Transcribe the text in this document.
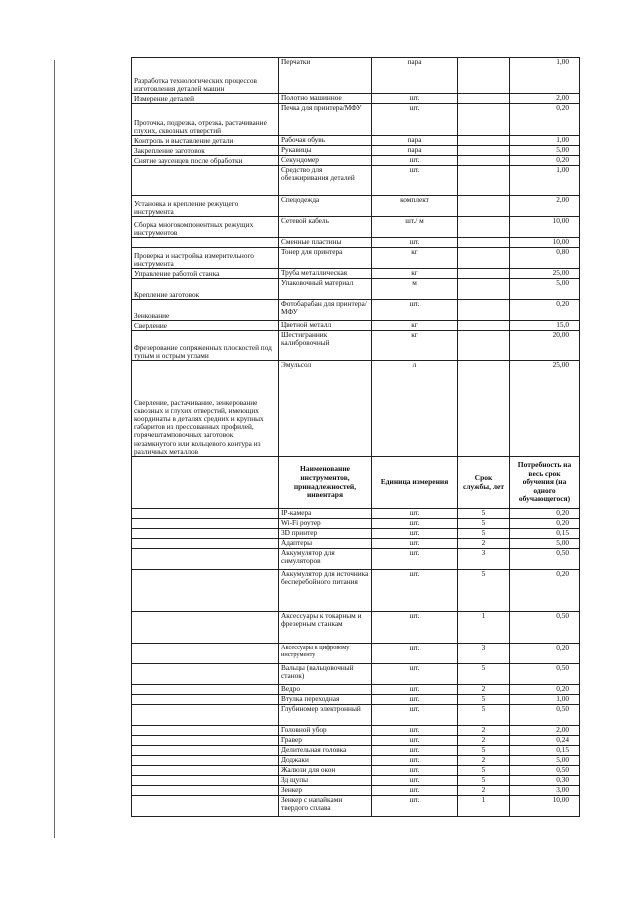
Разработка технологических процессов изготовления деталей машин	Перчатки	пара		1,00
Измерение деталей	Полотно машинное	шт.		2,00
Проточка, подрезка, отрезка, растачивание глухих, сквозных отверстий	Печка для принтера/МФУ	шт.		0,20
Контроль и выставление детали	Рабочая обувь	пара		1,00
Закрепление заготовок	Рукавицы	пара		5,00
Снятие заусенцев после обработки	Секундомер	шт.		0,20
	Средство для обезжиривания деталей	шт.		1,00
Установка и крепление режущего инструмента	Спецодежда	комплект		2,00
Сборка многокомпонентных режущих инструментов	Сетевой кабель	шт./ м		10,00
	Сменные пластины	шт.		10,00
Проверка и настройка измерительного инструмента	Тонер для принтера	кг		0,80
Управление работой станка	Труба металлическая	кг		25,00
Крепление заготовок	Упаковочный материал	м		5,00
Зенкование	Фотобарабан для принтера/МФУ	шт.		0,20
Сверление	Цветной металл	кг		15,0
Фрезерование сопряженных плоскостей под тупым и острым углами	Шестигранник калибровочный	кг		20,00
Сверление, растачивание, зенкерование сквозных и глухих отверстий, имеющих координаты в деталях средних и крупных габаритов из прессованных профилей, горячештамповочных заготовок незамкнутого или кольцевого контура из различных металлов	Эмульсол	л		25,00
	Наименование инструментов, принадлежностей, инвентаря	Единица измерения	Срок службы, лет	Потребность на весь срок обучения (на одного обучающегося)
	IP-камера	шт.	5	0,20
	Wi-Fi роутер	шт.	5	0,20
	3D принтер	шт.	5	0,15
	Адаптеры	шт.	2	5,00
	Аккумулятор для симуляторов	шт.	3	0,50
	Аккумулятор для источника бесперебойного питания	шт.	5	0,20
	Аксессуары к токарным и фрезерным станкам	шт.	1	0,50
	Аксессуары к цифровому инструменту	шт.	3	0,20
	Вальцы (вальцовочный станок)	шт.	5	0,50
	Ведро	шт.	2	0,20
	Втулка переходная	шт.	5	1,00
	Глубиномер электронный	шт.	5	0,50
	Головной убор	шт.	2	2,00
	Гравер	шт.	2	0,24
	Делительная головка	шт.	5	0,15
	Доджаки	шт.	2	5,00
	Жалюзи для окон	шт.	5	0,50
	Зд щупы	шт.	5	0,30
	Зенкер	шт.	2	3,00
	Зенкер с напайками твердого сплава	шт.	1	10,00
